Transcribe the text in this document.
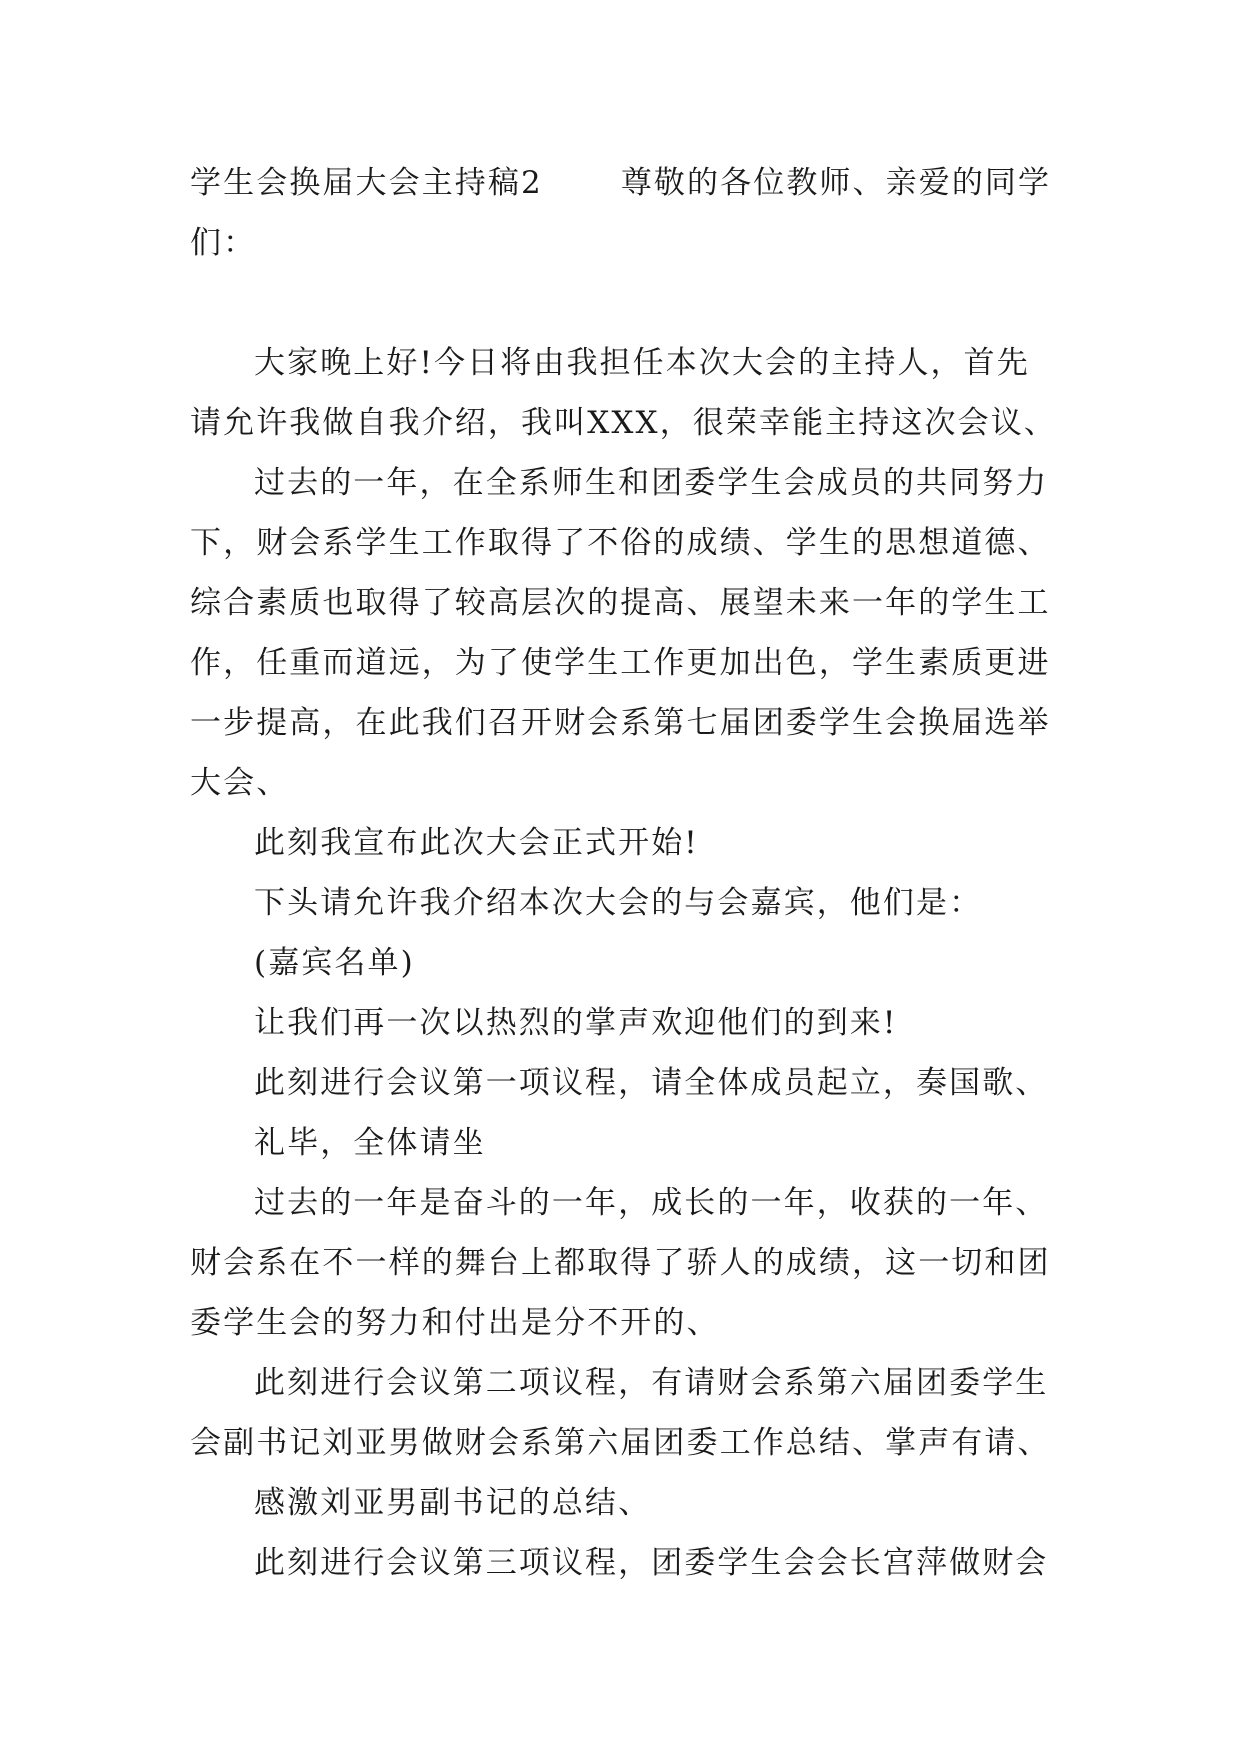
学生会换届大会主持稿2	尊敬的各位教师、亲爱的同学
们：
大家晚上好!今日将由我担任本次大会的主持人，首先
请允许我做自我介绍，我叫XXX，很荣幸能主持这次会议、
过去的一年，在全系师生和团委学生会成员的共同努力
下，财会系学生工作取得了不俗的成绩、学生的思想道德、
综合素质也取得了较高层次的提高、展望未来一年的学生工
作，任重而道远，为了使学生工作更加出色，学生素质更进
一步提高，在此我们召开财会系第七届团委学生会换届选举
大会、
此刻我宣布此次大会正式开始!
下头请允许我介绍本次大会的与会嘉宾，他们是：
(嘉宾名单)
让我们再一次以热烈的掌声欢迎他们的到来!
此刻进行会议第一项议程，请全体成员起立，奏国歌、
礼毕，全体请坐
过去的一年是奋斗的一年，成长的一年，收获的一年、
财会系在不一样的舞台上都取得了骄人的成绩，这一切和团
委学生会的努力和付出是分不开的、
此刻进行会议第二项议程，有请财会系第六届团委学生
会副书记刘亚男做财会系第六届团委工作总结、掌声有请、
感激刘亚男副书记的总结、
此刻进行会议第三项议程，团委学生会会长宫萍做财会
